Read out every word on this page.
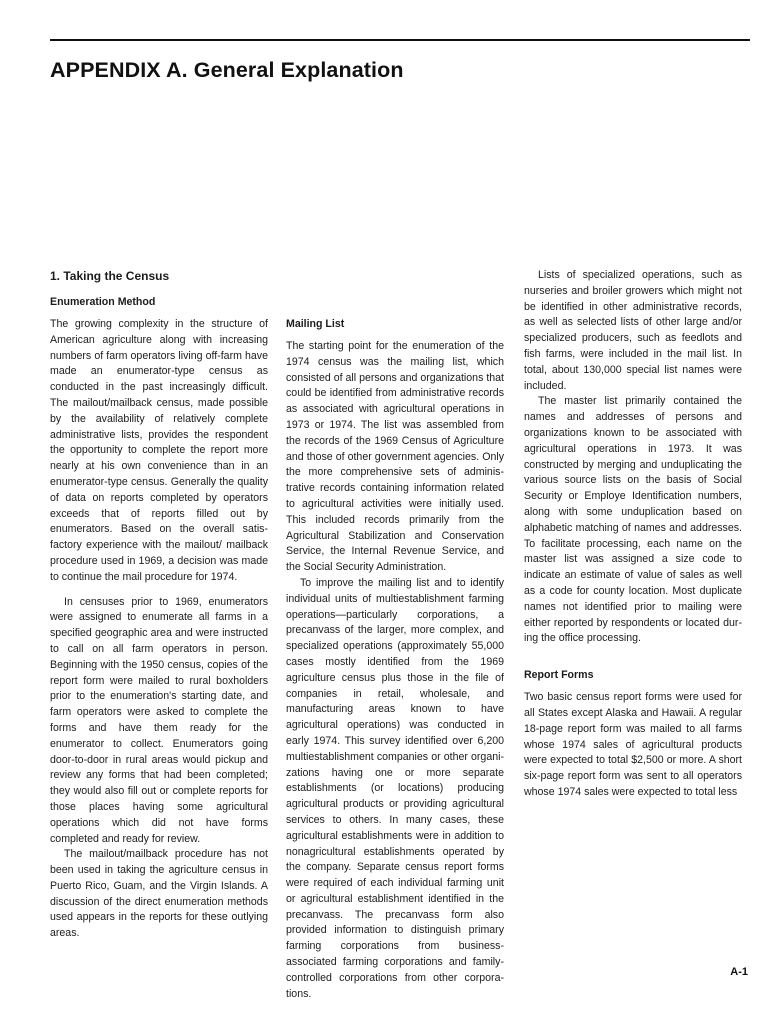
APPENDIX A. General Explanation
1. Taking the Census
Enumeration Method

The growing complexity in the structure of American agriculture along with increasing numbers of farm operators living off-farm have made an enumerator-type census as conducted in the past increasingly difficult. The mailout/mailback census, made possible by the availability of relatively complete administrative lists, provides the respondent the opportunity to complete the report more nearly at his own convenience than in an enumerator-type census. Generally the quality of data on reports completed by operators exceeds that of reports filled out by enumerators. Based on the overall satisfactory experience with the mailout/ mailback procedure used in 1969, a decision was made to continue the mail procedure for 1974.

In censuses prior to 1969, enumerators were assigned to enumerate all farms in a specified geographic area and were instructed to call on all farm operators in person. Beginning with the 1950 census, copies of the report form were mailed to rural boxholders prior to the enumeration's starting date, and farm operators were asked to complete the forms and have them ready for the enumerator to collect. Enumerators going door-to-door in rural areas would pickup and review any forms that had been completed; they would also fill out or complete reports for those places having some agricultural operations which did not have forms completed and ready for review.

The mailout/mailback procedure has not been used in taking the agriculture census in Puerto Rico, Guam, and the Virgin Islands. A discussion of the direct enumeration methods used appears in the reports for these outlying areas.

Mailing List

The starting point for the enumeration of the 1974 census was the mailing list, which consisted of all persons and organizations that could be identified from administrative records as associated with agricultural operations in 1973 or 1974. The list was assembled from the records of the 1969 Census of Agriculture and those of other government agencies. Only the more comprehensive sets of administrative records containing information related to agricultural activities were initially used. This included records primarily from the Agricultural Stabilization and Conservation Service, the Internal Revenue Service, and the Social Security Administration.

To improve the mailing list and to identify individual units of multiestablishment farming operations—particularly corporations, a precanvass of the larger, more complex, and specialized operations (approximately 55,000 cases mostly identified from the 1969 agriculture census plus those in the file of companies in retail, wholesale, and manufacturing areas known to have agricultural operations) was conducted in early 1974. This survey identified over 6,200 multiestablishment companies or other organizations having one or more separate establishments (or locations) producing agricultural products or providing agricultural services to others. In many cases, these agricultural establishments were in addition to nonagricultural establishments operated by the company. Separate census report forms were required of each individual farming unit or agricultural establishment identified in the precanvass. The precanvass form also provided information to distinguish primary farming corporations from business-associated farming corporations and family-controlled corporations from other corporations.

Lists of specialized operations, such as nurseries and broiler growers which might not be identified in other administrative records, as well as selected lists of other large and/or specialized producers, such as feedlots and fish farms, were included in the mail list. In total, about 130,000 special list names were included.

The master list primarily contained the names and addresses of persons and organizations known to be associated with agricultural operations in 1973. It was constructed by merging and unduplicating the various source lists on the basis of Social Security or Employe Identification numbers, along with some unduplication based on alphabetic matching of names and addresses. To facilitate processing, each name on the master list was assigned a size code to indicate an estimate of value of sales as well as a code for county location. Most duplicate names not identified prior to mailing were either reported by respondents or located during the office processing.

Report Forms

Two basic census report forms were used for all States except Alaska and Hawaii. A regular 18-page report form was mailed to all farms whose 1974 sales of agricultural products were expected to total $2,500 or more. A short six-page report form was sent to all operators whose 1974 sales were expected to total less

A-1
